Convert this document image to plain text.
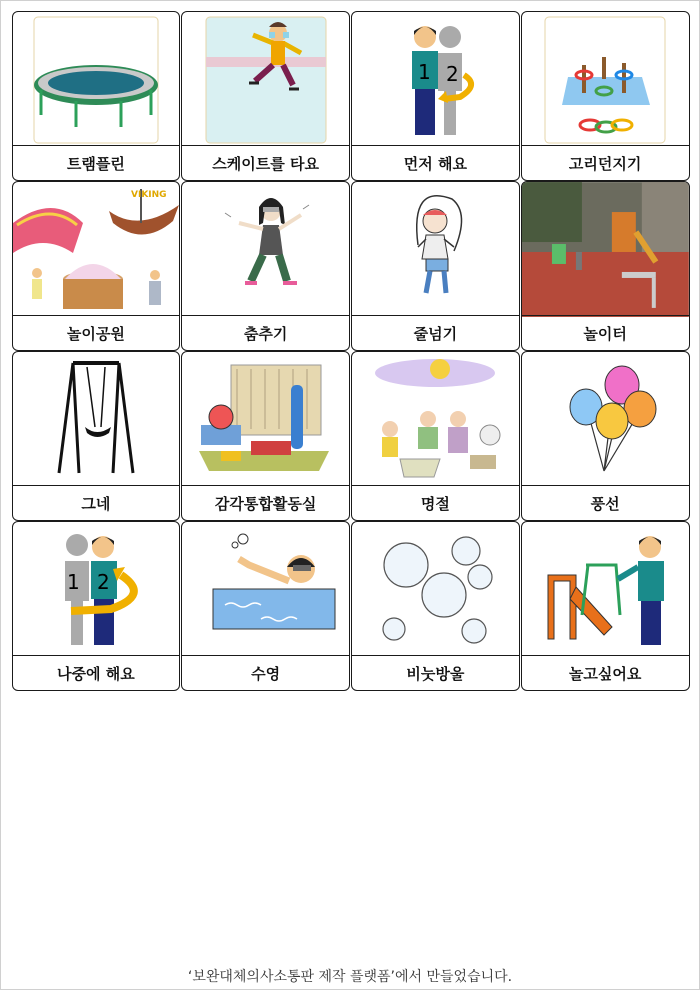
트램플린	스케이트를 타요
1 2
먼저 해요	고리던지기
VIKING
놀이공원	춤추기	줄넘기	놀이터
그네	감각통합활동실	명절	풍선
1 2
나중에 해요	수영	비눗방울	놀고싶어요
‘보완대체의사소통판 제작 플랫폼’에서 만들었습니다.
